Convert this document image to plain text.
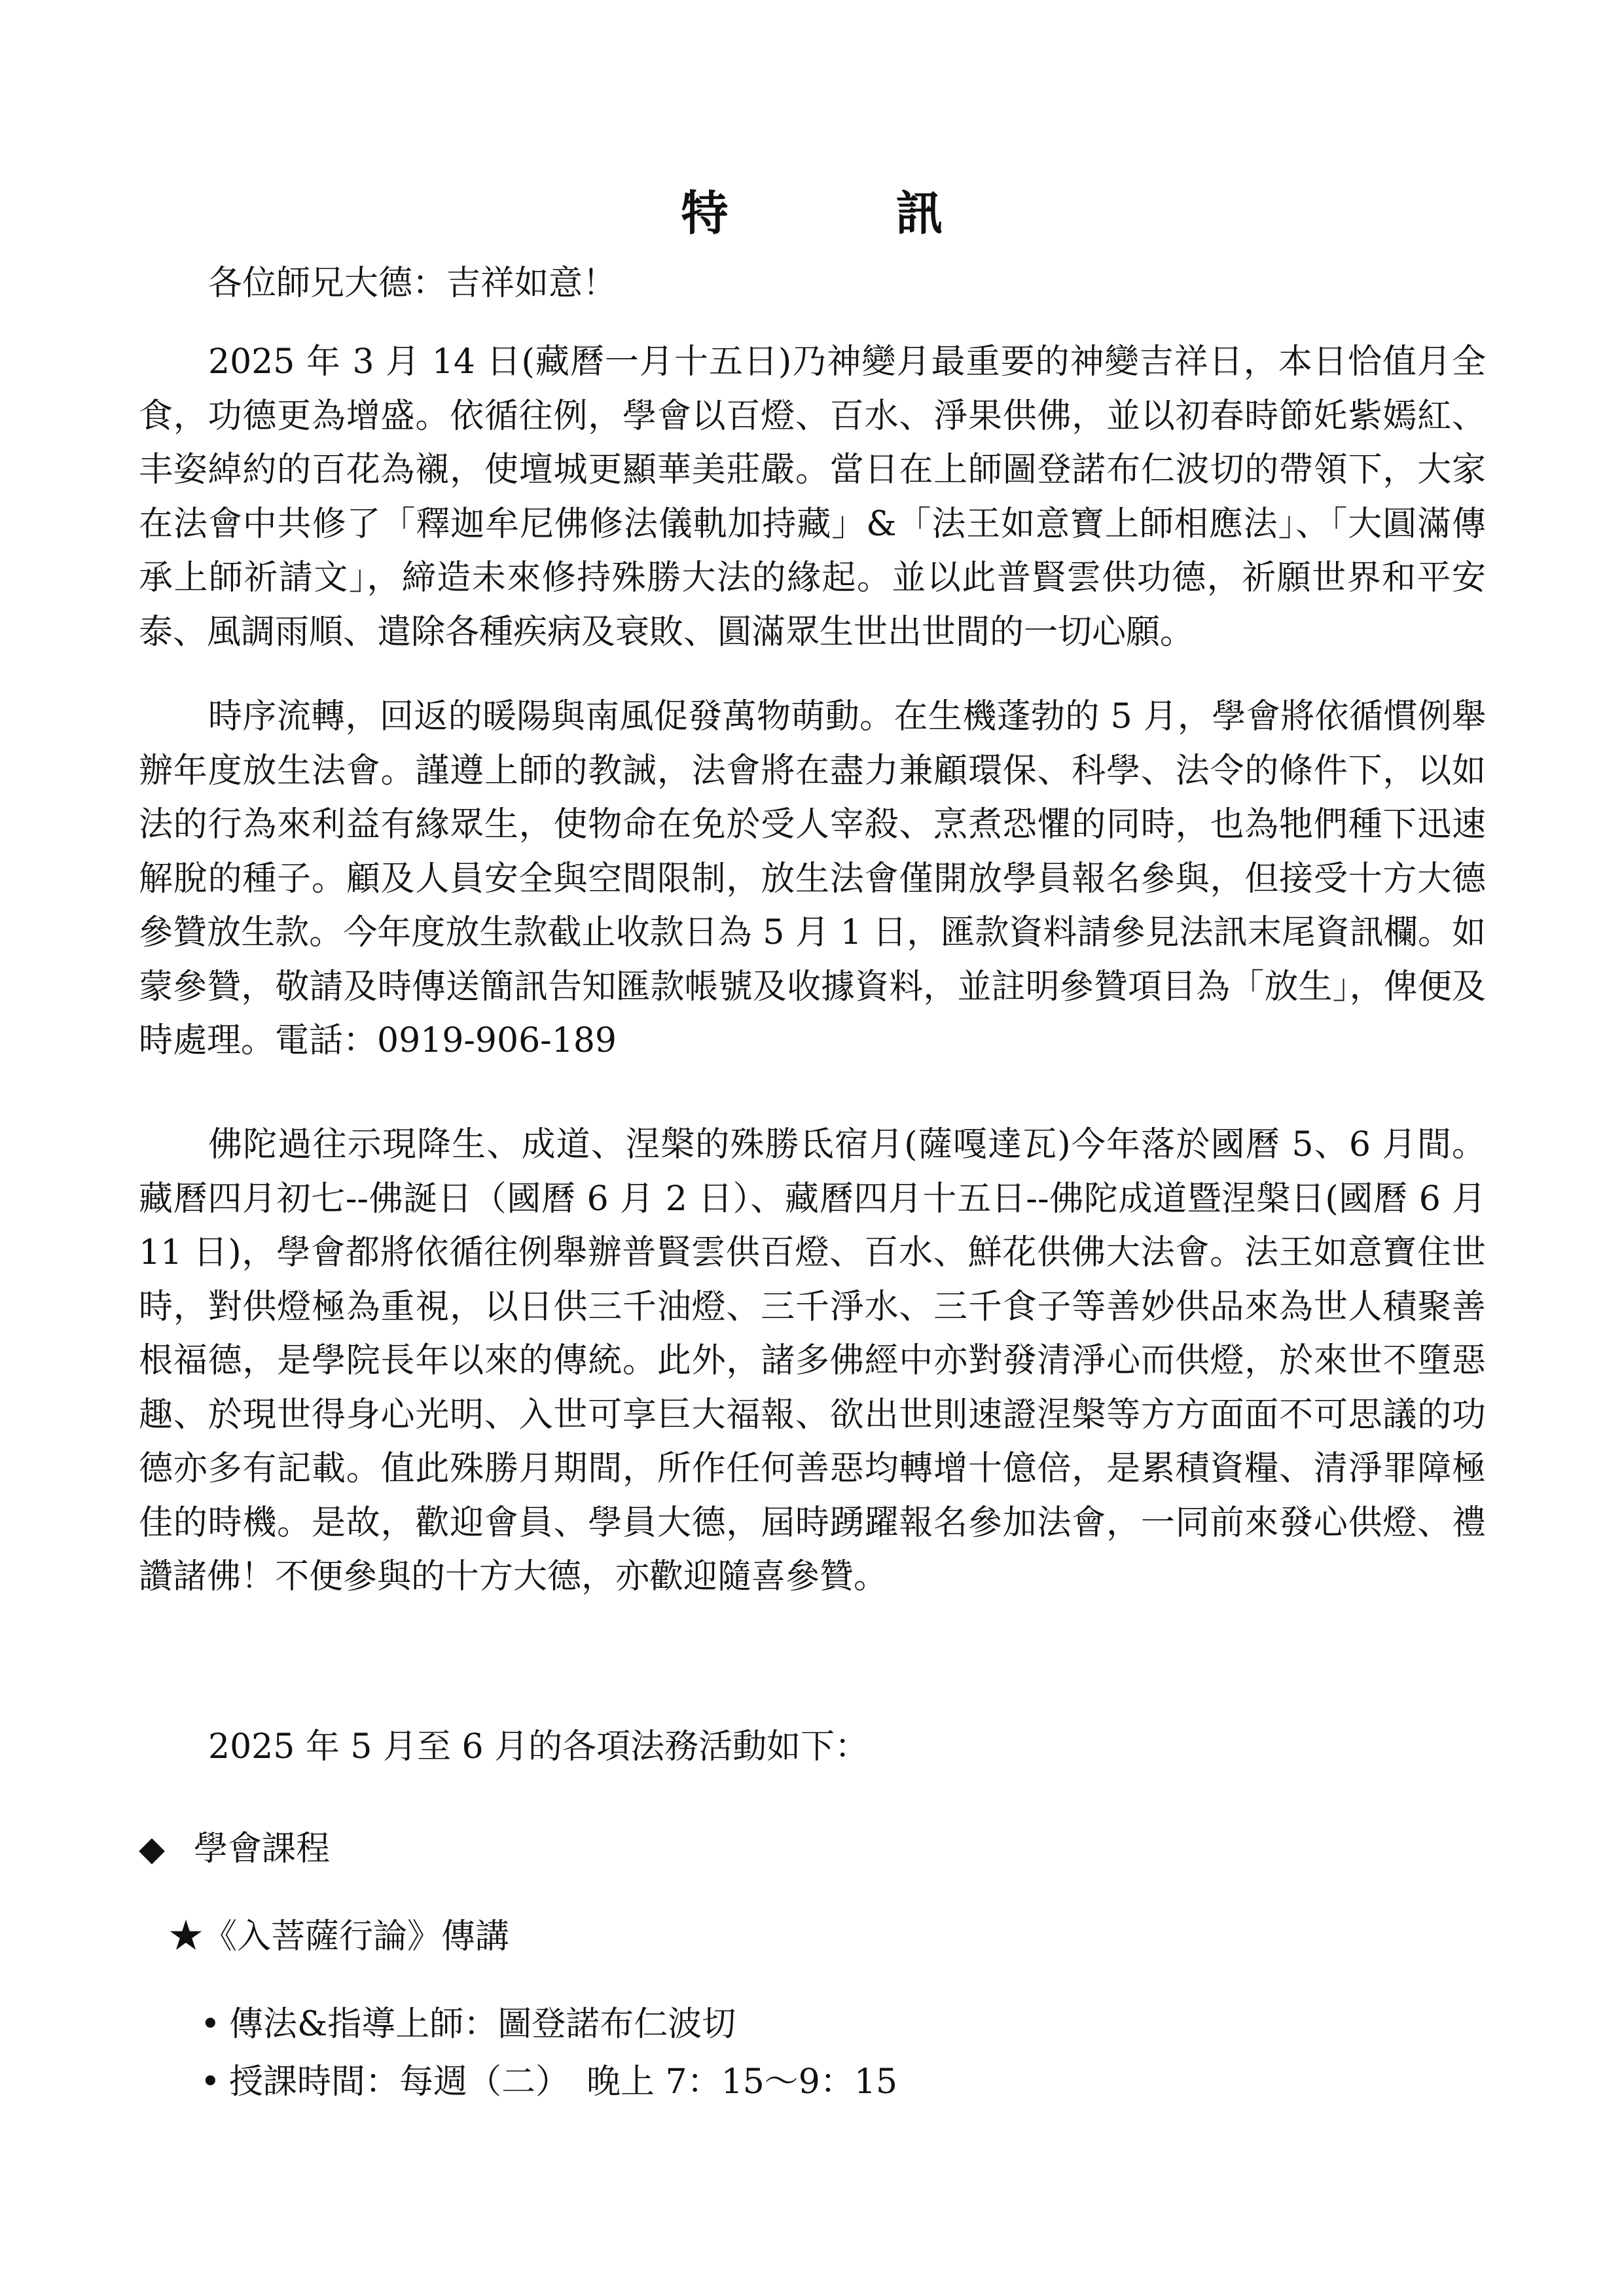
特　訊
各位師兄大德：吉祥如意！

2025 年 3 月 14 日(藏曆一月十五日)乃神變月最重要的神變吉祥日，本日恰值月全食，功德更為增盛。依循往例，學會以百燈、百水、淨果供佛，並以初春時節奼紫嫣紅、丰姿綽約的百花為襯，使壇城更顯華美莊嚴。當日在上師圖登諾布仁波切的帶領下，大家在法會中共修了「釋迦牟尼佛修法儀軌加持藏」&「法王如意寶上師相應法」、「大圓滿傳承上師祈請文」，締造未來修持殊勝大法的緣起。並以此普賢雲供功德，祈願世界和平安泰、風調雨順、遣除各種疾病及衰敗、圓滿眾生世出世間的一切心願。

時序流轉，回返的暖陽與南風促發萬物萌動。在生機蓬勃的 5 月，學會將依循慣例舉辦年度放生法會。謹遵上師的教誡，法會將在盡力兼顧環保、科學、法令的條件下，以如法的行為來利益有緣眾生，使物命在免於受人宰殺、烹煮恐懼的同時，也為牠們種下迅速解脫的種子。顧及人員安全與空間限制，放生法會僅開放學員報名參與，但接受十方大德參贊放生款。今年度放生款截止收款日為 5 月 1 日，匯款資料請參見法訊末尾資訊欄。如蒙參贊，敬請及時傳送簡訊告知匯款帳號及收據資料，並註明參贊項目為「放生」，俾便及時處理。電話：0919-906-189

佛陀過往示現降生、成道、涅槃的殊勝氐宿月(薩嘎達瓦)今年落於國曆 5、6 月間。藏曆四月初七--佛誕日（國曆 6 月 2 日）、藏曆四月十五日--佛陀成道暨涅槃日(國曆 6 月 11 日)，學會都將依循往例舉辦普賢雲供百燈、百水、鮮花供佛大法會。法王如意寶住世時，對供燈極為重視，以日供三千油燈、三千淨水、三千食子等善妙供品來為世人積聚善根福德，是學院長年以來的傳統。此外，諸多佛經中亦對發清淨心而供燈，於來世不墮惡趣、於現世得身心光明、入世可享巨大福報、欲出世則速證涅槃等方方面面不可思議的功德亦多有記載。值此殊勝月期間，所作任何善惡均轉增十億倍，是累積資糧、清淨罪障極佳的時機。是故，歡迎會員、學員大德，屆時踴躍報名參加法會，一同前來發心供燈、禮讚諸佛！不便參與的十方大德，亦歡迎隨喜參贊。

2025 年 5 月至 6 月的各項法務活動如下：
◆ 學會課程
★《入菩薩行論》傳講
• 傳法&指導上師：圖登諾布仁波切
• 授課時間：每週（二）　晚上 7：15～9：15
